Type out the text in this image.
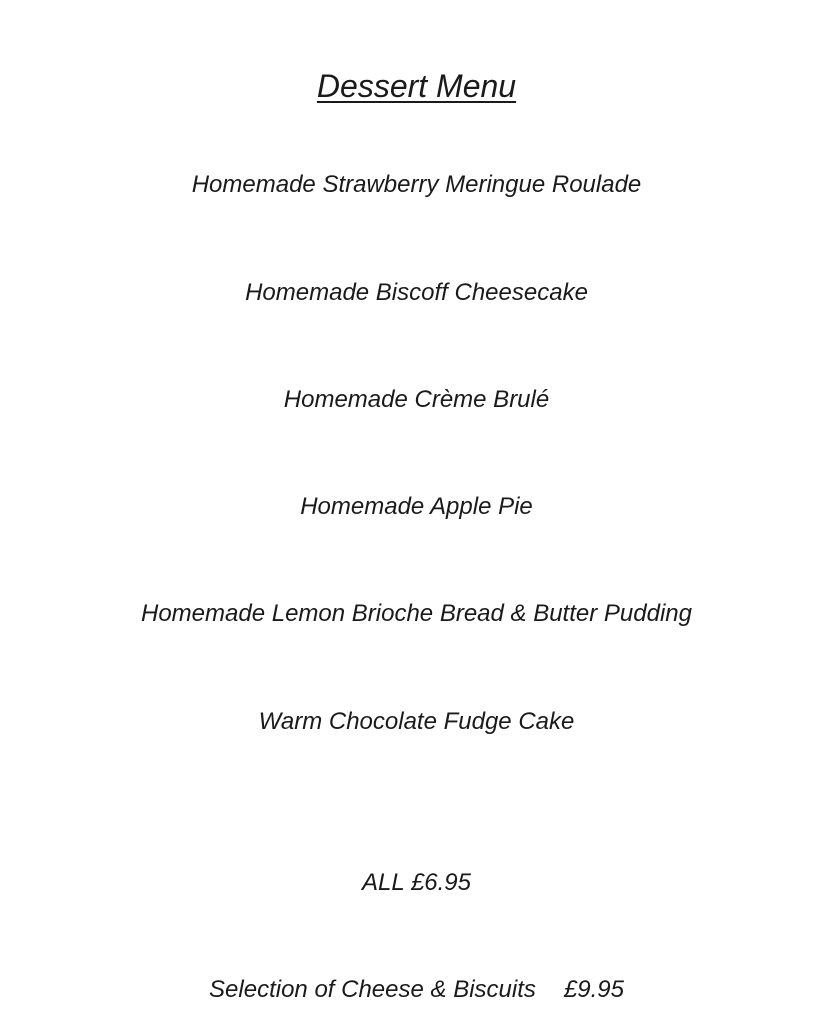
Dessert Menu
Homemade Strawberry Meringue Roulade
Homemade Biscoff Cheesecake
Homemade Crème Brulé
Homemade Apple Pie
Homemade Lemon Brioche Bread & Butter Pudding
Warm Chocolate Fudge Cake
ALL £6.95
Selection of Cheese & Biscuits £9.95
